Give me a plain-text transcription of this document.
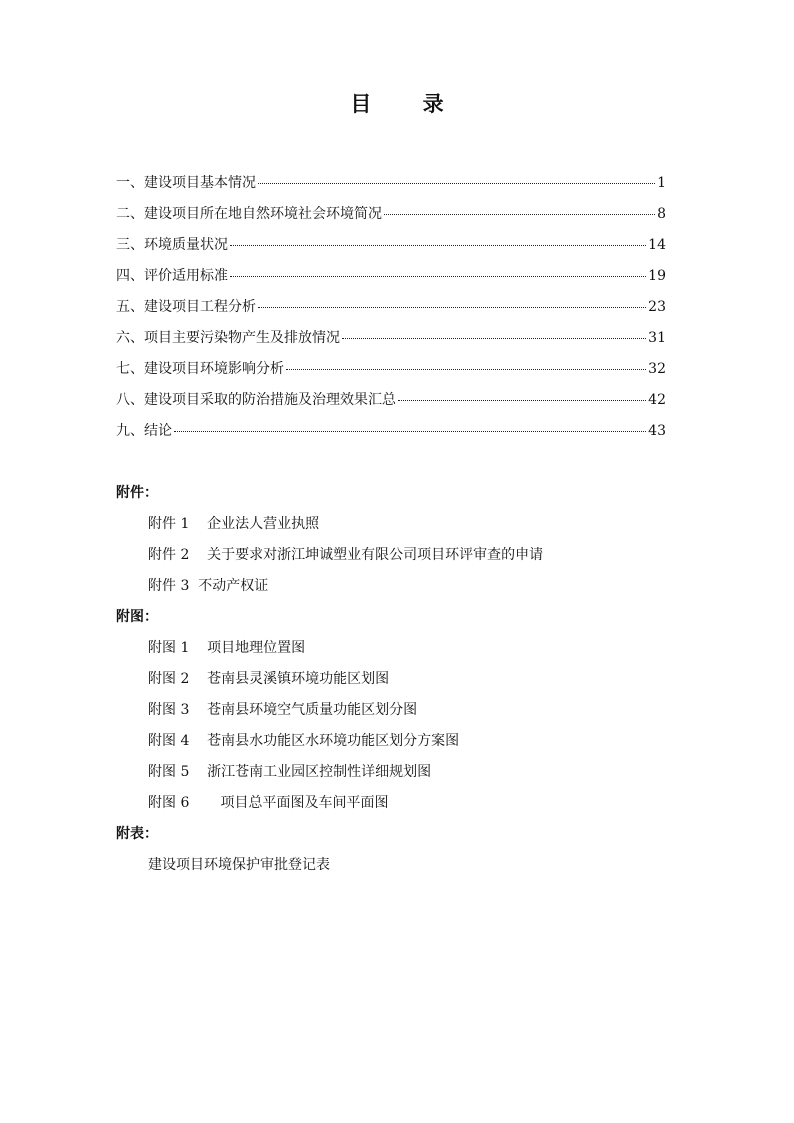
目 录
一、建设项目基本情况	1
二、建设项目所在地自然环境社会环境简况	8
三、环境质量状况	14
四、评价适用标准	19
五、建设项目工程分析	23
六、项目主要污染物产生及排放情况	31
七、建设项目环境影响分析	32
八、建设项目采取的防治措施及治理效果汇总	42
九、结论	43
附件：
附件 1    企业法人营业执照
附件 2    关于要求对浙江坤诚塑业有限公司项目环评审查的申请
附件 3  不动产权证
附图：
附图 1    项目地理位置图
附图 2    苍南县灵溪镇环境功能区划图
附图 3    苍南县环境空气质量功能区划分图
附图 4    苍南县水功能区水环境功能区划分方案图
附图 5    浙江苍南工业园区控制性详细规划图
附图 6       项目总平面图及车间平面图
附表：
建设项目环境保护审批登记表
